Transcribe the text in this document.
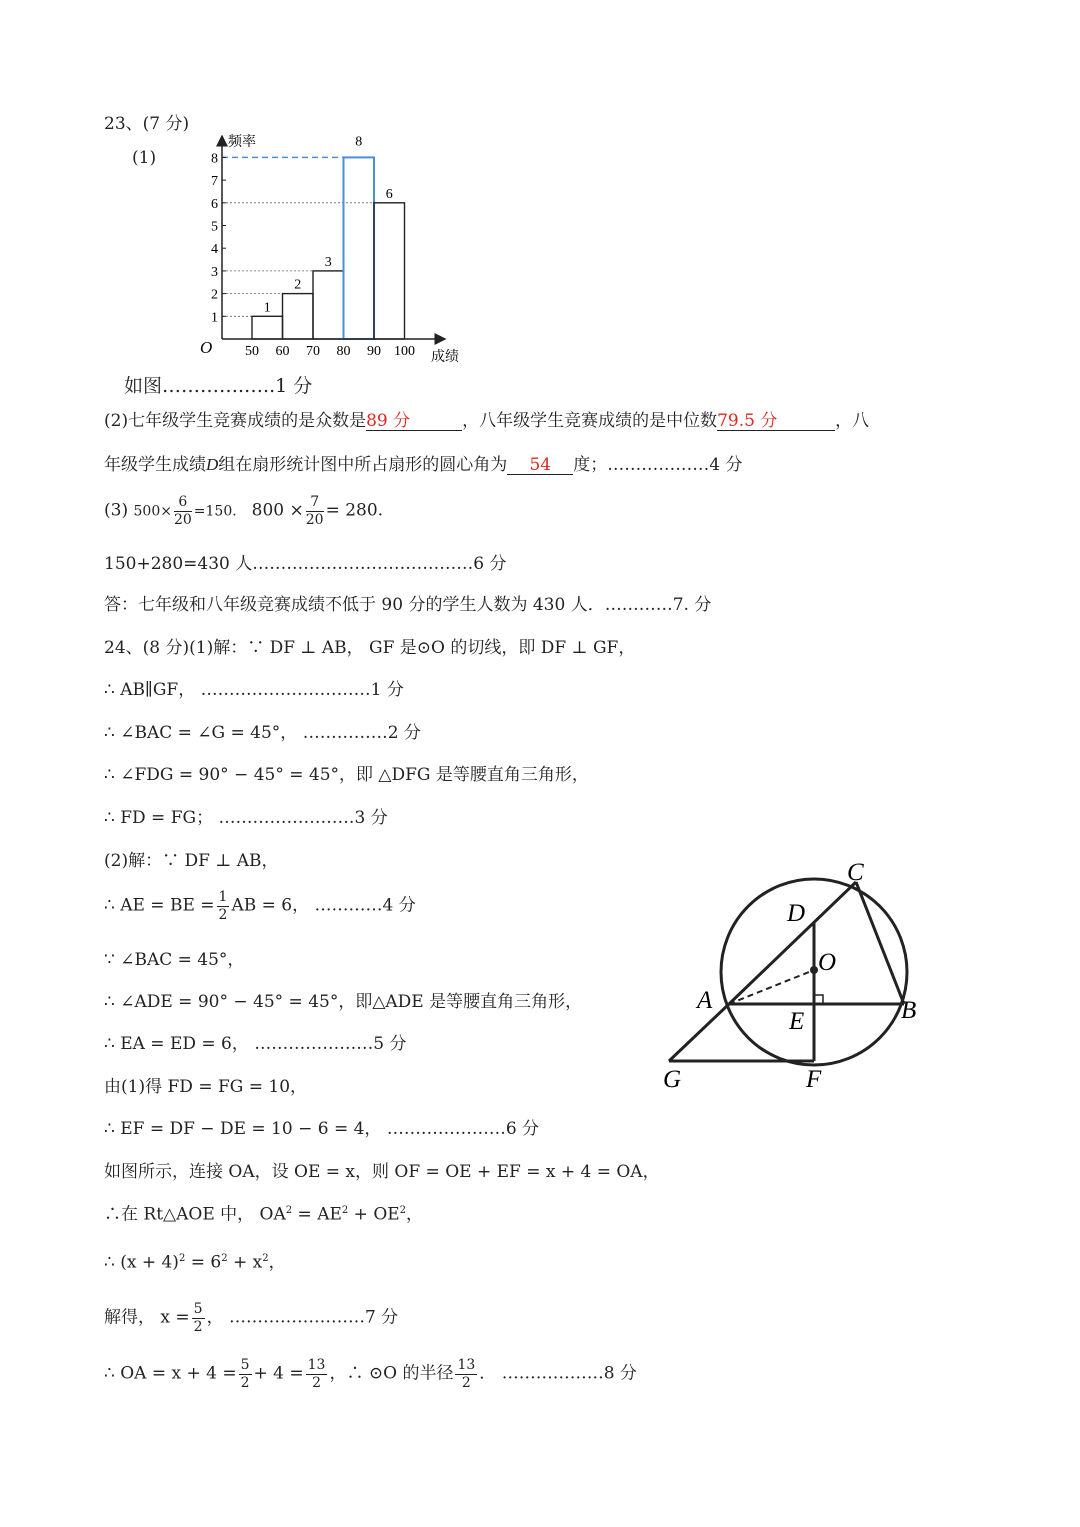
23、(7 分)
(1)
1
2
3
8
6
1
2
3
4
5
6
7
8
50 60 70 80 90 100
O
频率
成绩
如图………….…..1 分
(2)七年级学生竞赛成绩的是众数是89 分	，八年级学生竞赛成绩的是中位数79.5 分	，八
年级学生成绩D组在扇形统计图中所占扇形的圆心角为 54 度；………………4 分
(3) $500\times \frac{6}{20} =150$． $800 \times \frac{7}{20} = 280$.
150+280=430 人…………………………………6 分
答：七年级和八年级竞赛成绩不低于 90 分的学生人数为 430 人．…………7. 分
24、(8 分)(1)解：∵ DF ⊥ AB， GF 是⊙O 的切线，即 DF ⊥ GF，
∴ AB∥GF， …………………………1 分
∴ ∠BAC = ∠G = 45°， ……………2 分
∴ ∠FDG = 90° − 45° = 45°，即 △DFG 是等腰直角三角形，
∴ FD = FG； ……………………3 分
(2)解：∵ DF ⊥ AB，
∴ AE = BE = $\frac{1}{2}$ AB = 6， …………4 分
∵ ∠BAC = 45°，
∴ ∠ADE = 90° − 45° = 45°，即△ADE 是等腰直角三角形，
∴ EA = ED = 6， …………………5 分
由(1)得 FD = FG = 10，
∴ EF = DF − DE = 10 − 6 = 4， …………………6 分
如图所示，连接 OA，设 OE = x，则 OF = OE + EF = x + 4 = OA，
∴在 Rt△AOE 中， $OA^2 = AE^2 + OE^2$，
∴ $(x + 4)^2 = 6^2 + x^2$，
解得， $x = \frac{5}{2}$ ， ……………………7 分
∴ OA = $x + 4 = \frac{5}{2} + 4 = \frac{13}{2}$ ，∴ ⊙O 的半径 $\frac{13}{2}$ ． ………………8 分
C
D
O
A	B
E
G	F
